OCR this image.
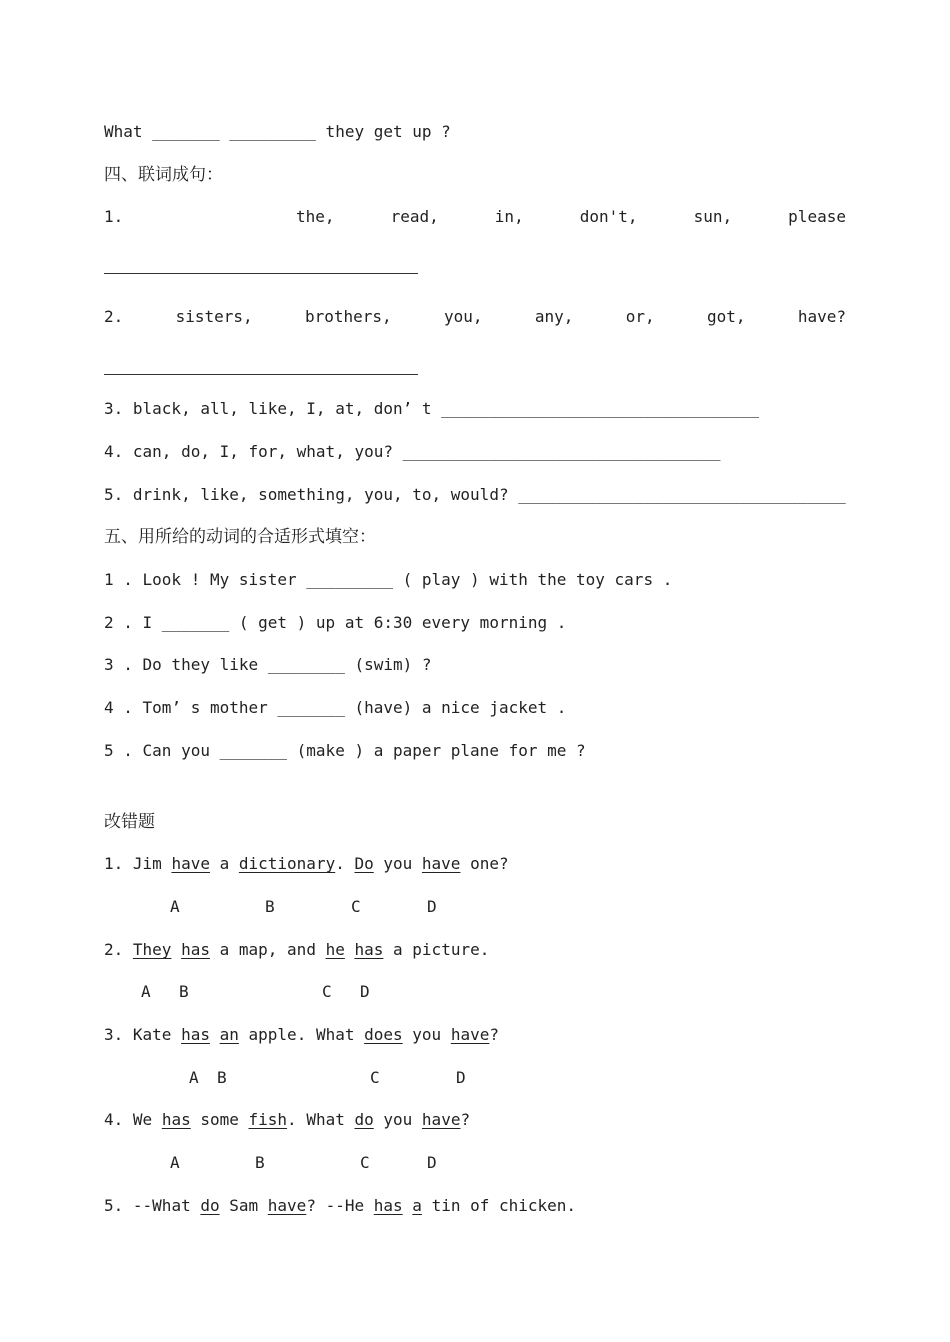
What _______ _________ they get up ?
四、联词成句：
1.	the,	read,	in,	don't,	sun,	please
2.	sisters,	brothers,	you,	any,	or,	got,	have?
3. black, all, like, I, at, don’ t _________________________________
4. can, do, I, for, what, you? _________________________________
5. drink, like, something, you, to, would? __________________________________
五、用所给的动词的合适形式填空：
1 . Look ! My sister _________ ( play ) with the toy cars .
2 . I _______ ( get ) up at 6:30 every morning .
3 . Do they like ________ (swim) ?
4 . Tom’ s mother _______ (have) a nice jacket .
5 . Can you _______ (make ) a paper plane for me ?
改错题
1. Jim have a dictionary. Do you have one?
A	B	C	D
2. They has a map, and he has a picture.
A B	C D
3. Kate has an apple. What does you have?
A B	C	D
4. We has some fish. What do you have?
A	B	C	D
5. --What do Sam have? --He has a tin of chicken.
